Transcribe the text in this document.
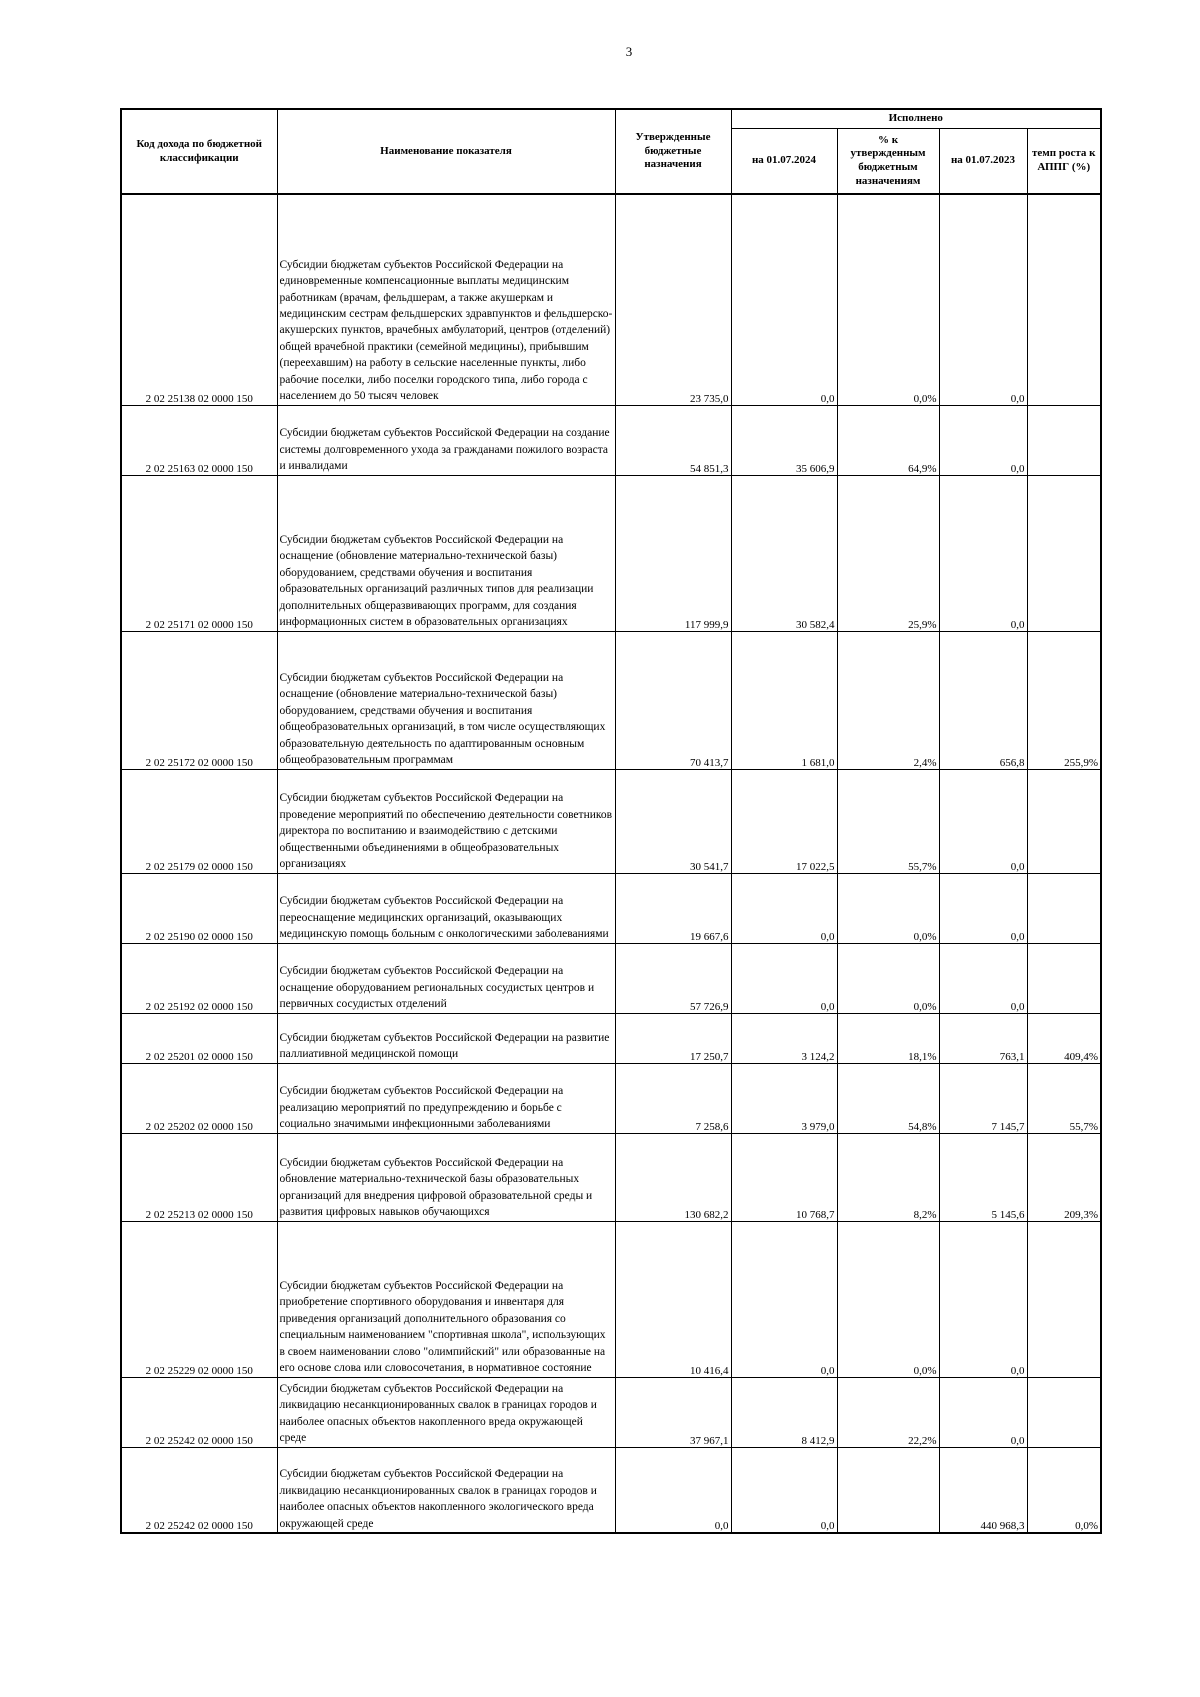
3
Код дохода по бюджетной классификации	Наименование показателя	Утвержденные бюджетные назначения	Исполнено			
			на 01.07.2024	% к утвержденным бюджетным назначениям	на 01.07.2023	темп роста к АППГ (%)
2 02 25138 02 0000 150	Субсидии бюджетам субъектов Российской Федерации на единовременные компенсационные выплаты медицинским работникам (врачам, фельдшерам, а также акушеркам и медицинским сестрам фельдшерских здравпунктов и фельдшерско-акушерских пунктов, врачебных амбулаторий, центров (отделений) общей врачебной практики (семейной медицины), прибывшим (переехавшим) на работу в сельские населенные пункты, либо рабочие поселки, либо поселки городского типа, либо города с населением до 50 тысяч человек	23 735,0	0,0	0,0%	0,0	
2 02 25163 02 0000 150	Субсидии бюджетам субъектов Российской Федерации на создание системы долговременного ухода за гражданами пожилого возраста и инвалидами	54 851,3	35 606,9	64,9%	0,0	
2 02 25171 02 0000 150	Субсидии бюджетам субъектов Российской Федерации на оснащение (обновление материально-технической базы) оборудованием, средствами обучения и воспитания образовательных организаций различных типов для реализации дополнительных общеразвивающих программ, для создания информационных систем в образовательных организациях	117 999,9	30 582,4	25,9%	0,0	
2 02 25172 02 0000 150	Субсидии бюджетам субъектов Российской Федерации на оснащение (обновление материально-технической базы) оборудованием, средствами обучения и воспитания общеобразовательных организаций, в том числе осуществляющих образовательную деятельность по адаптированным основным общеобразовательным программам	70 413,7	1 681,0	2,4%	656,8	255,9%
2 02 25179 02 0000 150	Субсидии бюджетам субъектов Российской Федерации на проведение мероприятий по обеспечению деятельности советников директора по воспитанию и взаимодействию с детскими общественными объединениями в общеобразовательных организациях	30 541,7	17 022,5	55,7%	0,0	
2 02 25190 02 0000 150	Субсидии бюджетам субъектов Российской Федерации на переоснащение медицинских организаций, оказывающих медицинскую помощь больным с онкологическими заболеваниями	19 667,6	0,0	0,0%	0,0	
2 02 25192 02 0000 150	Субсидии бюджетам субъектов Российской Федерации на оснащение оборудованием региональных сосудистых центров и первичных сосудистых отделений	57 726,9	0,0	0,0%	0,0	
2 02 25201 02 0000 150	Субсидии бюджетам субъектов Российской Федерации на развитие паллиативной медицинской помощи	17 250,7	3 124,2	18,1%	763,1	409,4%
2 02 25202 02 0000 150	Субсидии бюджетам субъектов Российской Федерации на реализацию мероприятий по предупреждению и борьбе с социально значимыми инфекционными заболеваниями	7 258,6	3 979,0	54,8%	7 145,7	55,7%
2 02 25213 02 0000 150	Субсидии бюджетам субъектов Российской Федерации на обновление материально-технической базы образовательных организаций для внедрения цифровой образовательной среды и развития цифровых навыков обучающихся	130 682,2	10 768,7	8,2%	5 145,6	209,3%
2 02 25229 02 0000 150	Субсидии бюджетам субъектов Российской Федерации на приобретение спортивного оборудования и инвентаря для приведения организаций дополнительного образования со специальным наименованием "спортивная школа", использующих в своем наименовании слово "олимпийский" или образованные на его основе слова или словосочетания, в нормативное состояние	10 416,4	0,0	0,0%	0,0	
2 02 25242 02 0000 150	Субсидии бюджетам субъектов Российской Федерации на ликвидацию несанкционированных свалок в границах городов и наиболее опасных объектов накопленного вреда окружающей среде	37 967,1	8 412,9	22,2%	0,0	
2 02 25242 02 0000 150	Субсидии бюджетам субъектов Российской Федерации на ликвидацию несанкционированных свалок в границах городов и наиболее опасных объектов накопленного экологического вреда окружающей среде	0,0	0,0		440 968,3	0,0%
